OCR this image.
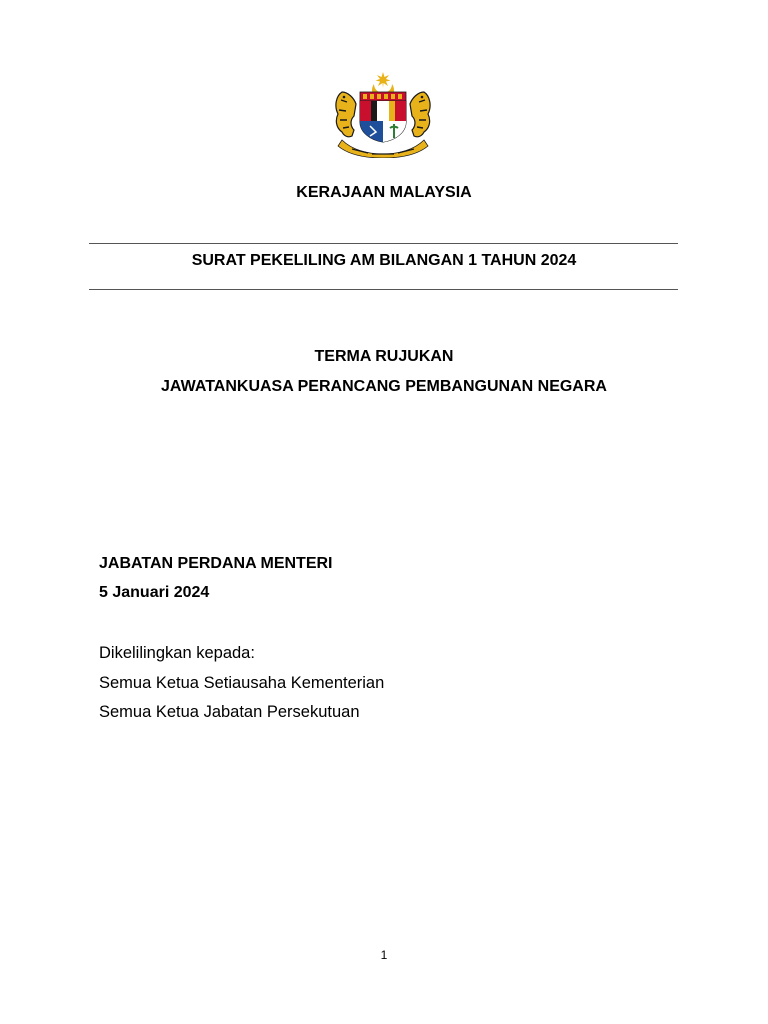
KERAJAAN MALAYSIA
SURAT PEKELILING AM BILANGAN 1 TAHUN 2024
TERMA RUJUKAN
JAWATANKUASA PERANCANG PEMBANGUNAN NEGARA
JABATAN PERDANA MENTERI
5 Januari 2024
Dikelilingkan kepada:
Semua Ketua Setiausaha Kementerian
Semua Ketua Jabatan Persekutuan
1
